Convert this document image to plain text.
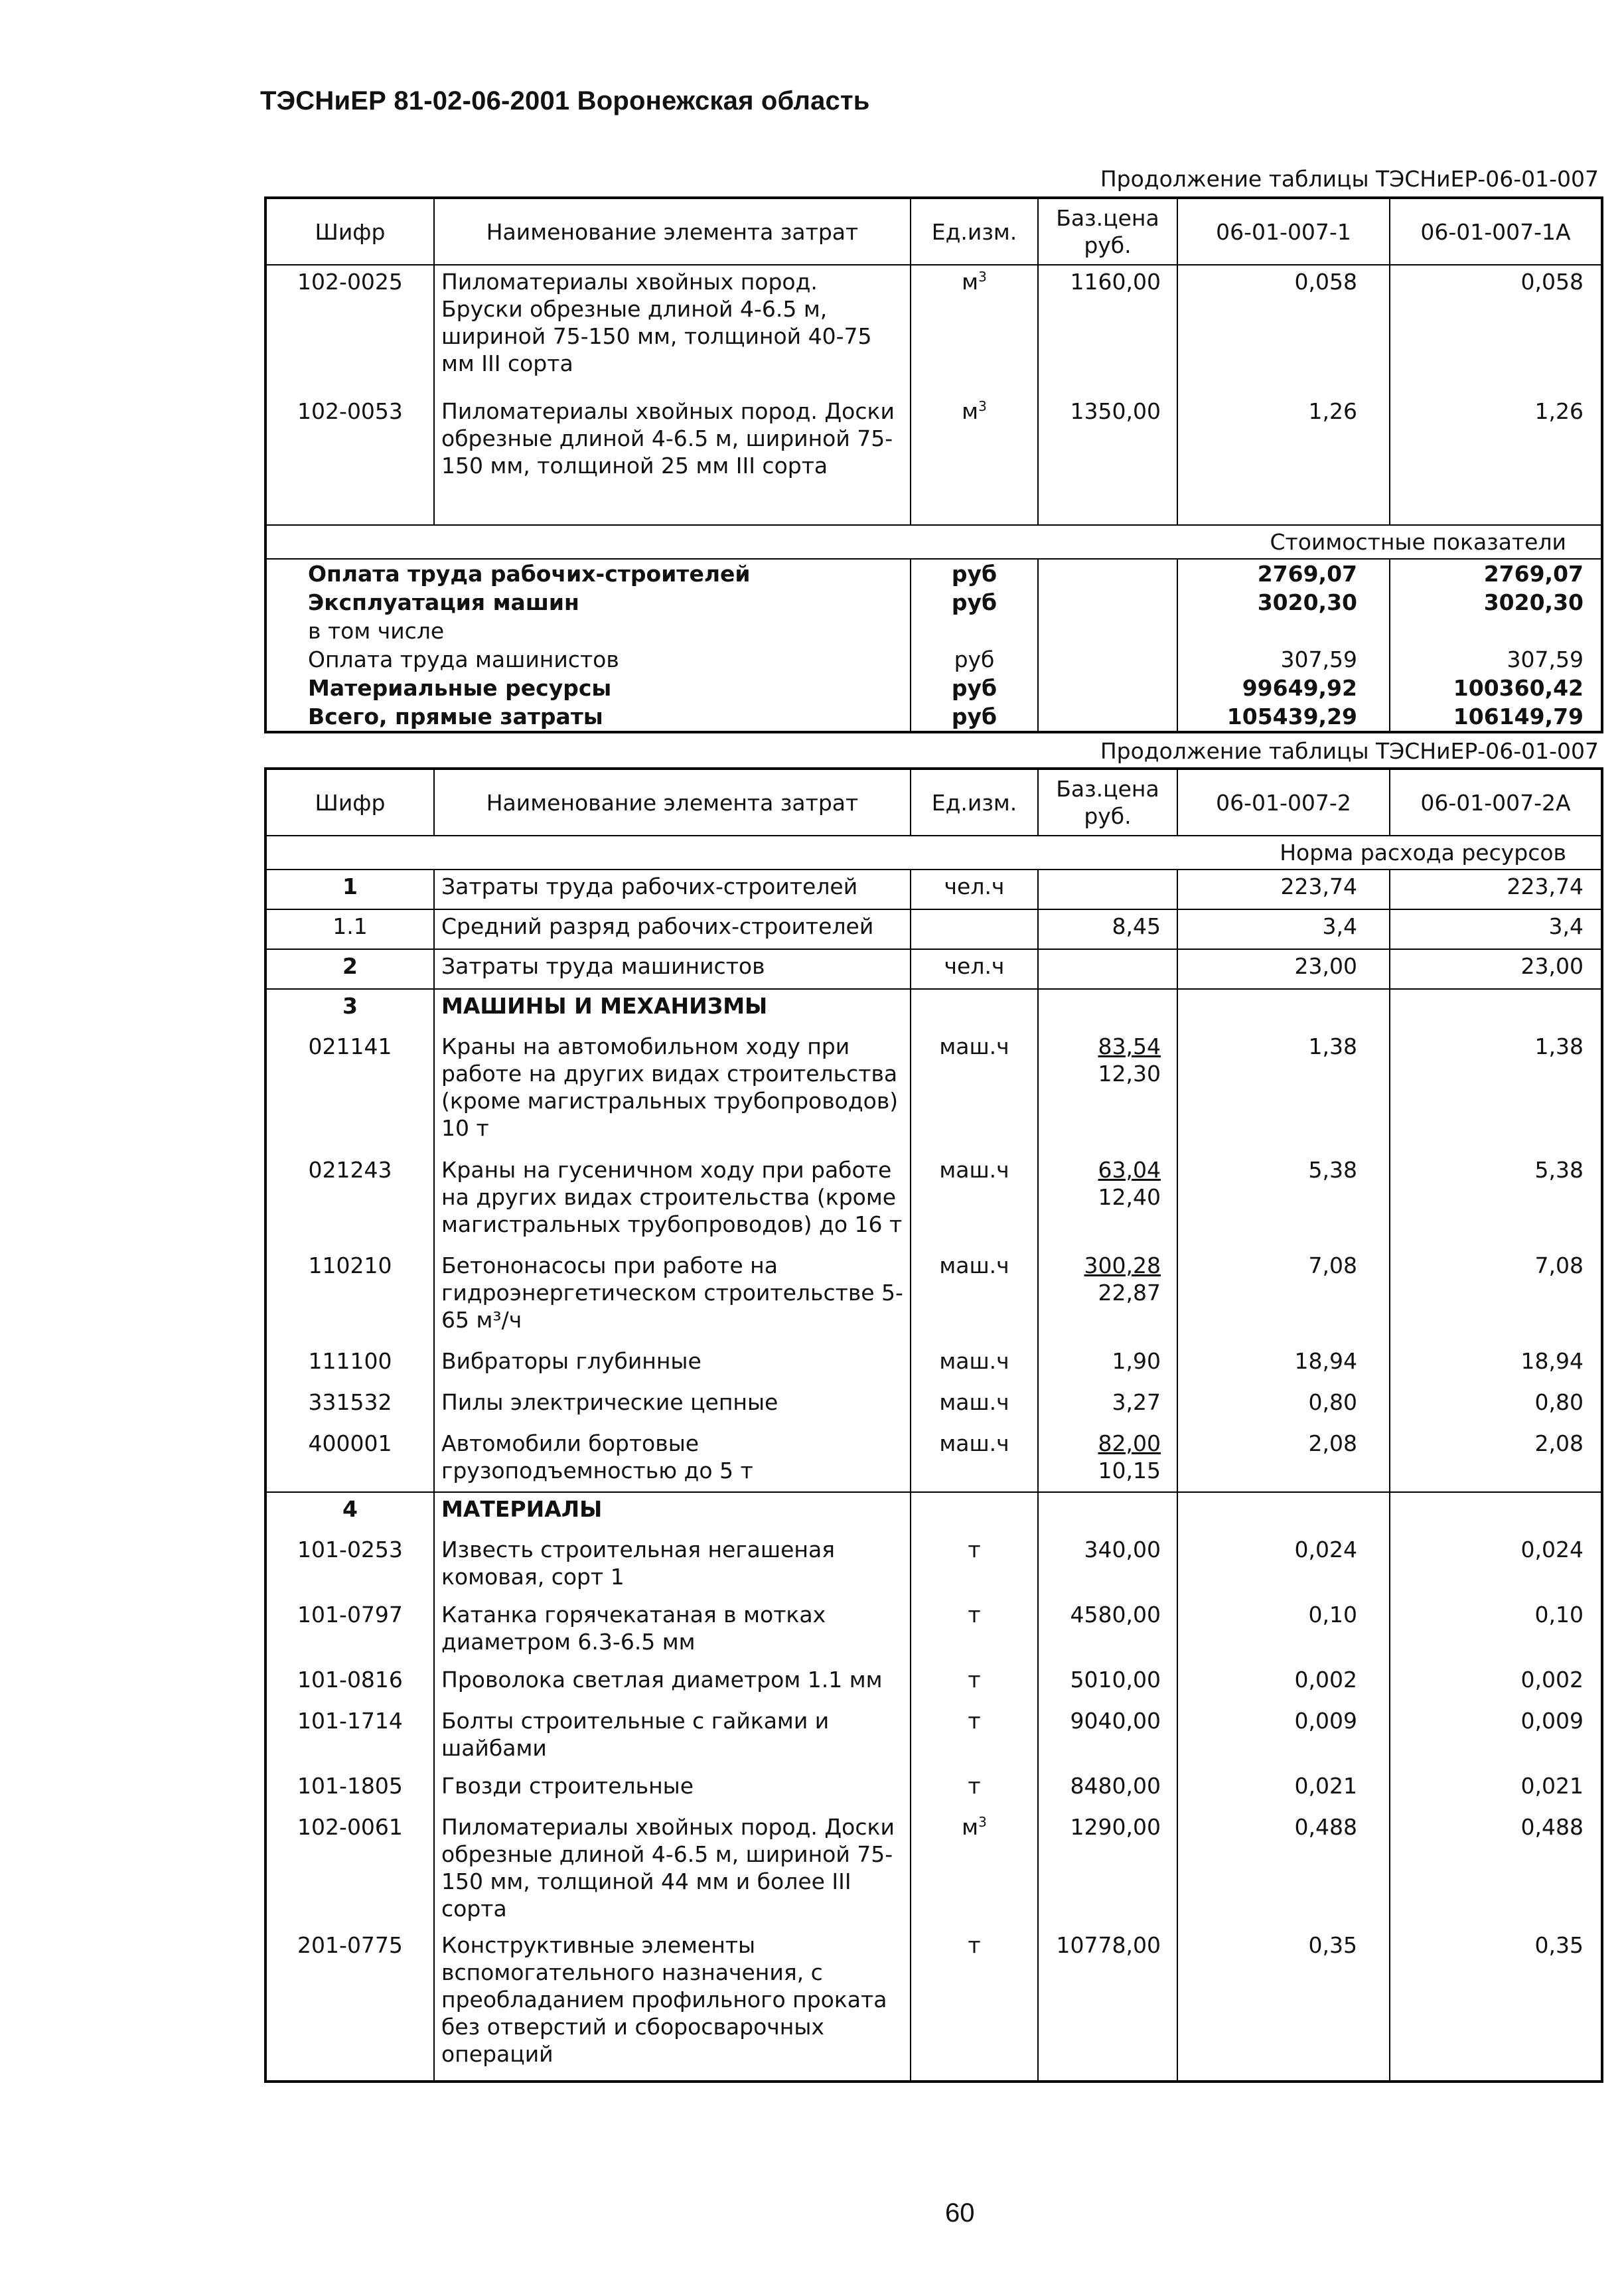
ТЭСНиЕР 81-02-06-2001 Воронежская область
Продолжение таблицы ТЭСНиЕР-06-01-007
Шифр	Наименование элемента затрат	Ед.изм.	Баз.цена руб.	06-01-007-1	06-01-007-1А
102-0025	Пиломатериалы хвойных пород. Бруски обрезные длиной 4-6.5 м, шириной 75-150 мм, толщиной 40-75 мм III сорта	$м^3$	1160,00	0,058	0,058
102-0053	Пиломатериалы хвойных пород. Доски обрезные длиной 4-6.5 м, шириной 75-150 мм, толщиной 25 мм III сорта	$м^3$	1350,00	1,26	1,26
Стоимостные показатели					
Оплата труда рабочих-строителей		руб		2769,07	2769,07
Эксплуатация машин		руб		3020,30	3020,30
в том числе					
Оплата труда машинистов		руб		307,59	307,59
Материальные ресурсы		руб		99649,92	100360,42
Всего, прямые затраты		руб		105439,29	106149,79
Продолжение таблицы ТЭСНиЕР-06-01-007
Шифр	Наименование элемента затрат	Ед.изм.	Баз.цена руб.	06-01-007-2	06-01-007-2А
Норма расхода ресурсов					
1	Затраты труда рабочих-строителей	чел.ч		223,74	223,74
1.1	Средний разряд рабочих-строителей		8,45	3,4	3,4
2	Затраты труда машинистов	чел.ч		23,00	23,00
3	МАШИНЫ И МЕХАНИЗМЫ				
021141	Краны на автомобильном ходу при работе на других видах строительства (кроме магистральных трубопроводов) 10 т	маш.ч	$\frac{83,54}{12,30}$	1,38	1,38
021243	Краны на гусеничном ходу при работе на других видах строительства (кроме магистральных трубопроводов) до 16 т	маш.ч	$\frac{63,04}{12,40}$	5,38	5,38
110210	Бетононасосы при работе на гидроэнергетическом строительстве 5-65 м³/ч	маш.ч	$\frac{300,28}{22,87}$	7,08	7,08
111100	Вибраторы глубинные	маш.ч	1,90	18,94	18,94
331532	Пилы электрические цепные	маш.ч	3,27	0,80	0,80
400001	Автомобили бортовые грузоподъемностью до 5 т	маш.ч	$\frac{82,00}{10,15}$	2,08	2,08
4	МАТЕРИАЛЫ				
101-0253	Известь строительная негашеная комовая, сорт 1	т	340,00	0,024	0,024
101-0797	Катанка горячекатаная в мотках диаметром 6.3-6.5 мм	т	4580,00	0,10	0,10
101-0816	Проволока светлая диаметром 1.1 мм	т	5010,00	0,002	0,002
101-1714	Болты строительные с гайками и шайбами	т	9040,00	0,009	0,009
101-1805	Гвозди строительные	т	8480,00	0,021	0,021
102-0061	Пиломатериалы хвойных пород. Доски обрезные длиной 4-6.5 м, шириной 75-150 мм, толщиной 44 мм и более III сорта	$м^3$	1290,00	0,488	0,488
201-0775	Конструктивные элементы вспомогательного назначения, с преобладанием профильного проката без отверстий и сборосварочных операций	т	10778,00	0,35	0,35
60
